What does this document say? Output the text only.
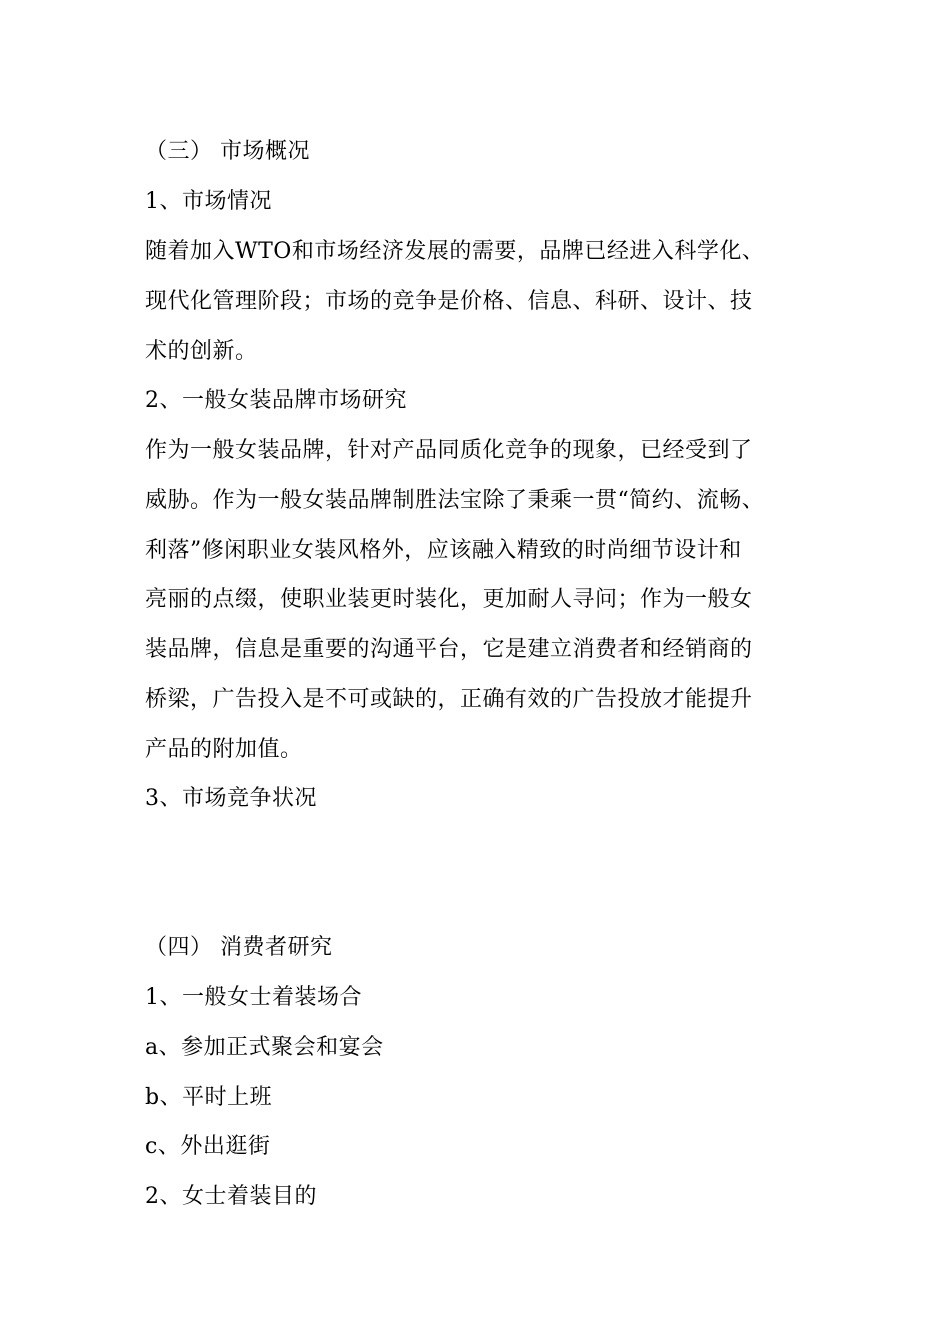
（三） 市场概况
1、市场情况
随着加入WTO和市场经济发展的需要，品牌已经进入科学化、
现代化管理阶段；市场的竞争是价格、信息、科研、设计、技
术的创新。
2、一般女装品牌市场研究
作为一般女装品牌，针对产品同质化竞争的现象，已经受到了
威胁。作为一般女装品牌制胜法宝除了秉乘一贯“简约、流畅、
利落”修闲职业女装风格外，应该融入精致的时尚细节设计和
亮丽的点缀，使职业装更时装化，更加耐人寻问；作为一般女
装品牌，信息是重要的沟通平台，它是建立消费者和经销商的
桥梁，广告投入是不可或缺的，正确有效的广告投放才能提升
产品的附加值。
3、市场竞争状况
（四） 消费者研究
1、一般女士着装场合
a、参加正式聚会和宴会
b、平时上班
c、外出逛街
2、女士着装目的
